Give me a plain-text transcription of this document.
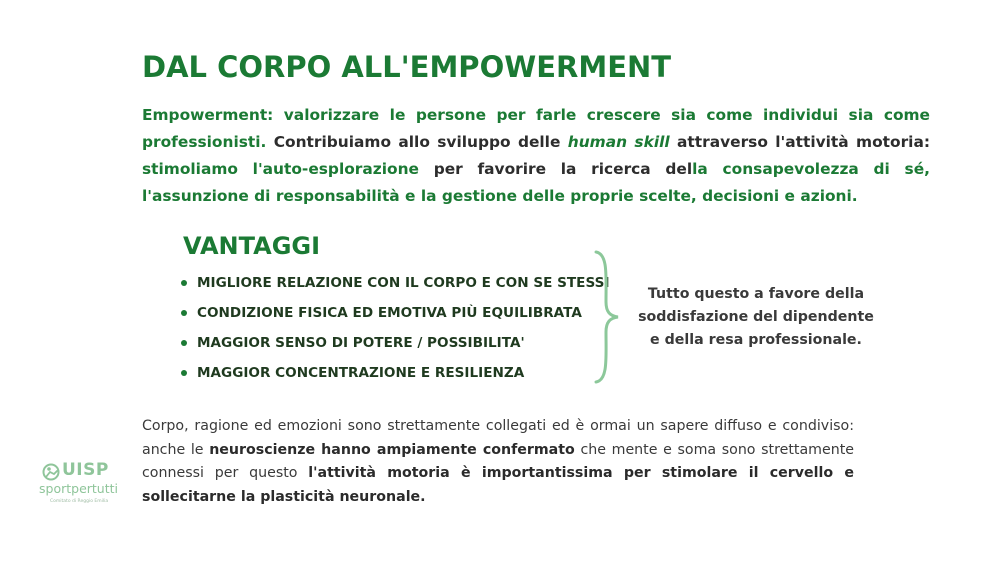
DAL CORPO ALL'EMPOWERMENT
Empowerment: valorizzare le persone per farle crescere sia come individui sia come professionisti. Contribuiamo allo sviluppo delle human skill attraverso l'attività motoria: stimoliamo l'auto-esplorazione per favorire la ricerca della consapevolezza di sé, l'assunzione di responsabilità e la gestione delle proprie scelte, decisioni e azioni.
VANTAGGI
MIGLIORE RELAZIONE CON IL CORPO E CON SE STESSI
CONDIZIONE FISICA ED EMOTIVA PIÙ EQUILIBRATA
MAGGIOR SENSO DI POTERE / POSSIBILITA'
MAGGIOR CONCENTRAZIONE E RESILIENZA
Tutto questo a favore della soddisfazione del dipendente e della resa professionale.
Corpo, ragione ed emozioni sono strettamente collegati ed è ormai un sapere diffuso e condiviso: anche le neuroscienze hanno ampiamente confermato che mente e soma sono strettamente connessi per questo l'attività motoria è importantissima per stimolare il cervello e sollecitarne la plasticità neuronale.
UISP
sportpertutti
Comitato di Reggio Emilia
